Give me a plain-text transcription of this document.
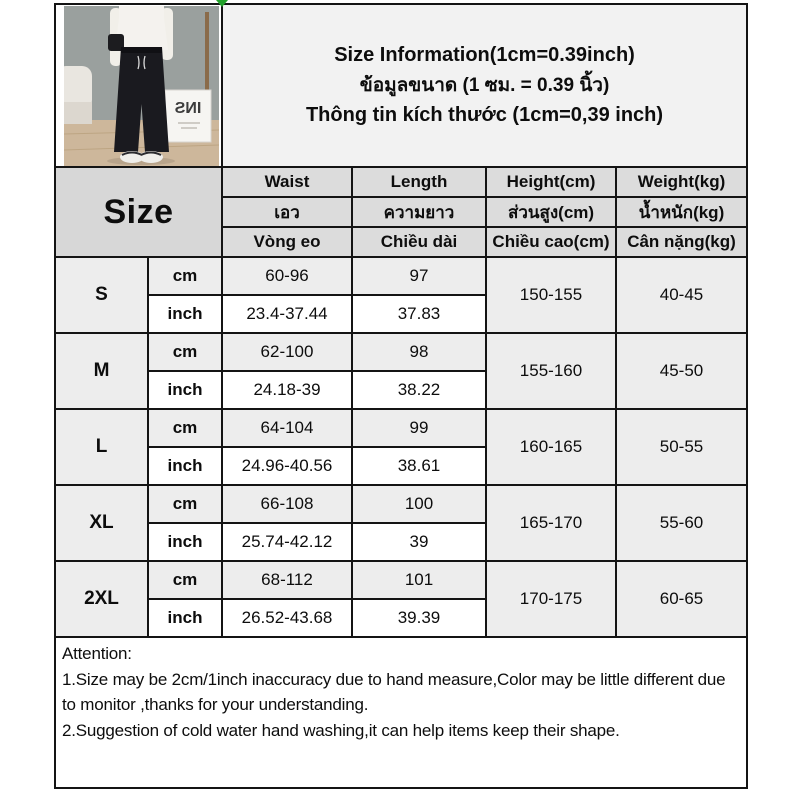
INS		Size Information(1cm=0.39inch)
ข้อมูลขนาด (1 ซม. = 0.39 นิ้ว)
Thông tin kích thước (1cm=0,39 inch)			

Size		Waist	Length	Height(cm)	Weight(kg)
		เอว	ความยาว	ส่วนสูง(cm)	น้ำหนัก(kg)
		Vòng eo	Chiều dài	Chiều cao(cm)	Cân nặng(kg)
S	cm	60-96	97	150-155	40-45
	inch	23.4-37.44	37.83		
M	cm	62-100	98	155-160	45-50
	inch	24.18-39	38.22		
L	cm	64-104	99	160-165	50-55
	inch	24.96-40.56	38.61		
XL	cm	66-108	100	165-170	55-60
	inch	25.74-42.12	39		
2XL	cm	68-112	101	170-175	60-65
	inch	26.52-43.68	39.39		

Attention:
1.Size may be 2cm/1inch inaccuracy due to hand measure,Color may be little different due to monitor ,thanks for your understanding.
2.Suggestion of cold water hand washing,it can help items keep their shape.					
